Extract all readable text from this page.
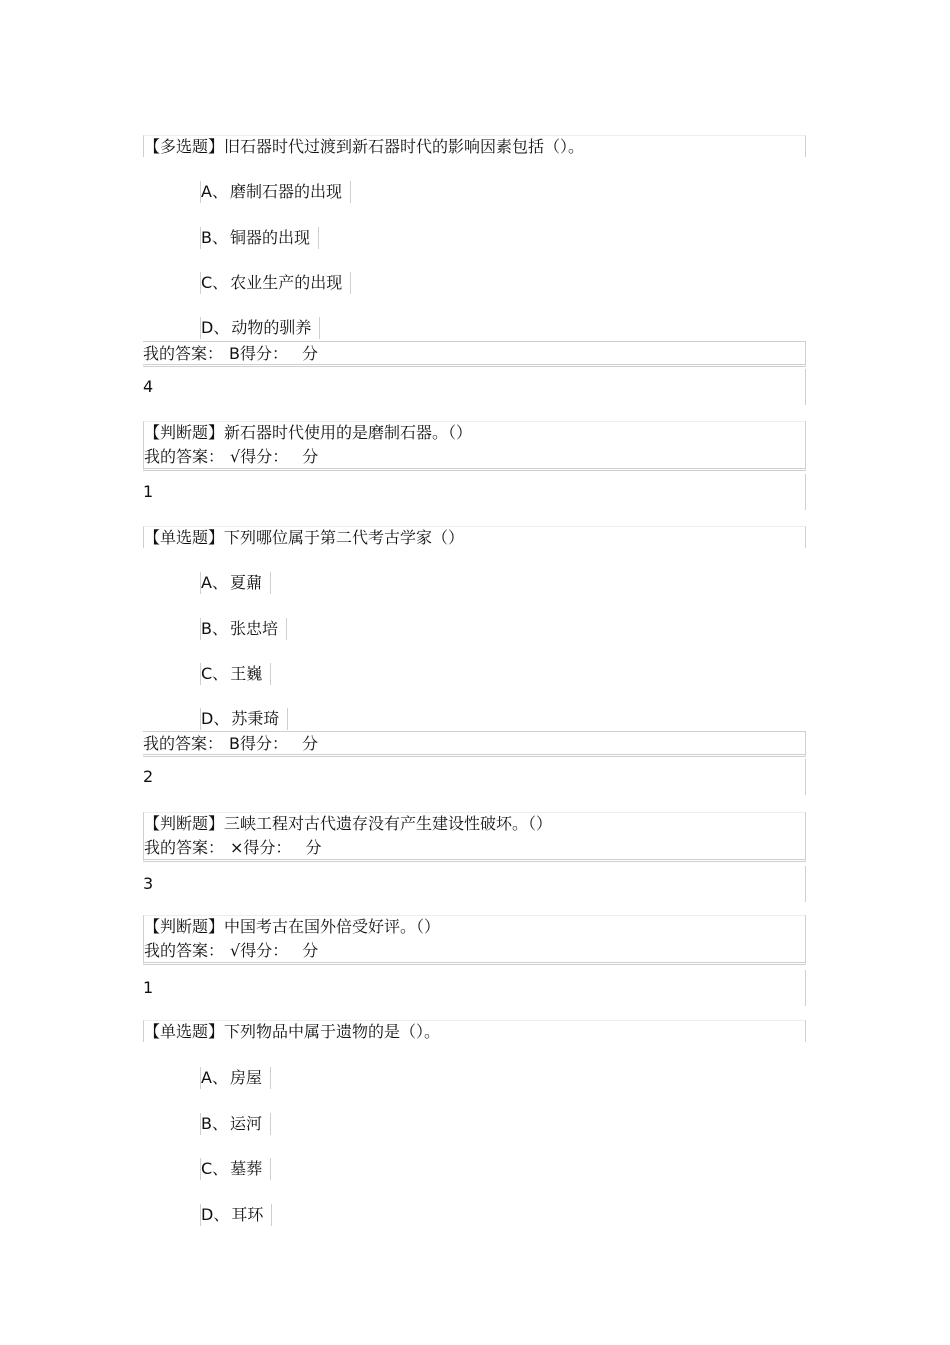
【多选题】旧石器时代过渡到新石器时代的影响因素包括（）。
A、 磨制石器的出现
B、 铜器的出现
C、 农业生产的出现
D、 动物的驯养
我的答案： B得分： 分
4
【判断题】新石器时代使用的是磨制石器。（）
我的答案： √得分： 分
1
【单选题】下列哪位属于第二代考古学家（）
A、 夏鼐
B、 张忠培
C、 王巍
D、 苏秉琦
我的答案： B得分： 分
2
【判断题】三峡工程对古代遗存没有产生建设性破坏。（）
我的答案： ×得分： 分
3
【判断题】中国考古在国外倍受好评。（）
我的答案： √得分： 分
1
【单选题】下列物品中属于遗物的是（）。
A、 房屋
B、 运河
C、 墓葬
D、 耳环
